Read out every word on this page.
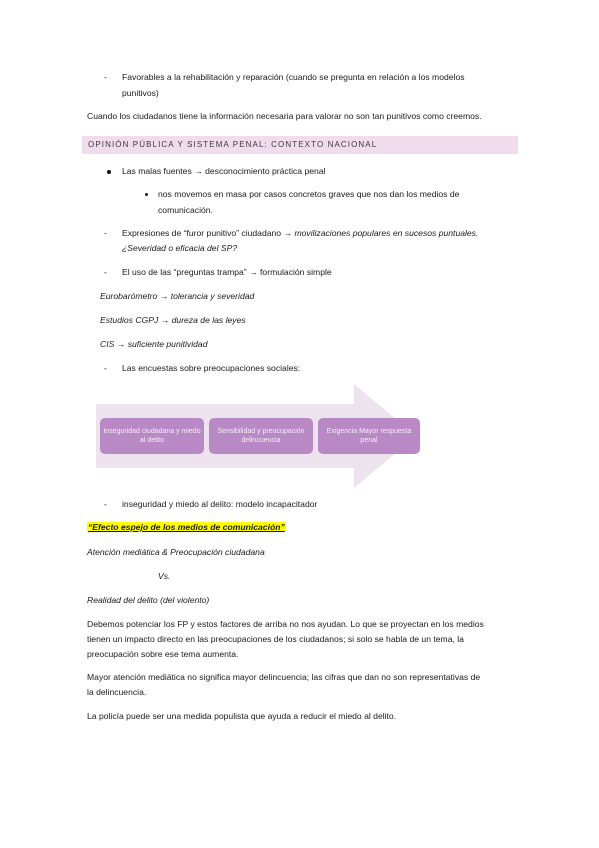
- Favorables a la rehabilitación y reparación (cuando se pregunta en relación a los modelos
punitivos)
Cuando los ciudadanos tiene la información necesaria para valorar no son tan punitivos como creemos.
OPINIÓN PÚBLICA Y SISTEMA PENAL: CONTEXTO NACIONAL
Las malas fuentes → desconocimiento práctica penal
nos movemos en masa por casos concretos graves que nos dan los medios de
comunicación.
- Expresiones de “furor punitivo” ciudadano → movilizaciones populares en sucesos puntuales.
¿Severidad o eficacia del SP?
- El uso de las “preguntas trampa” → formulación simple
Eurobarómetro → tolerancia y severidad
Estudios CGPJ → dureza de las leyes
CIS → suficiente punitividad
- Las encuestas sobre preocupaciones sociales:
Inseguridad ciudadana y miedo al delito
Sensibilidad y preocupación delincuencia
Exigencia Mayor respuesta penal
- inseguridad y miedo al delito: modelo incapacitador
“Efecto espejo de los medios de comunicación”
Atención mediática & Preocupación ciudadana
Vs.
Realidad del delito (del violento)
Debemos potenciar los FP y estos factores de arriba no nos ayudan. Lo que se proyectan en los medios
tienen un impacto directo en las preocupaciones de los ciudadanos; si solo se habla de un tema, la
preocupación sobre ese tema aumenta.
Mayor atención mediática no significa mayor delincuencia; las cifras que dan no son representativas de
la delincuencia.
La policía puede ser una medida populista que ayuda a reducir el miedo al delito.
